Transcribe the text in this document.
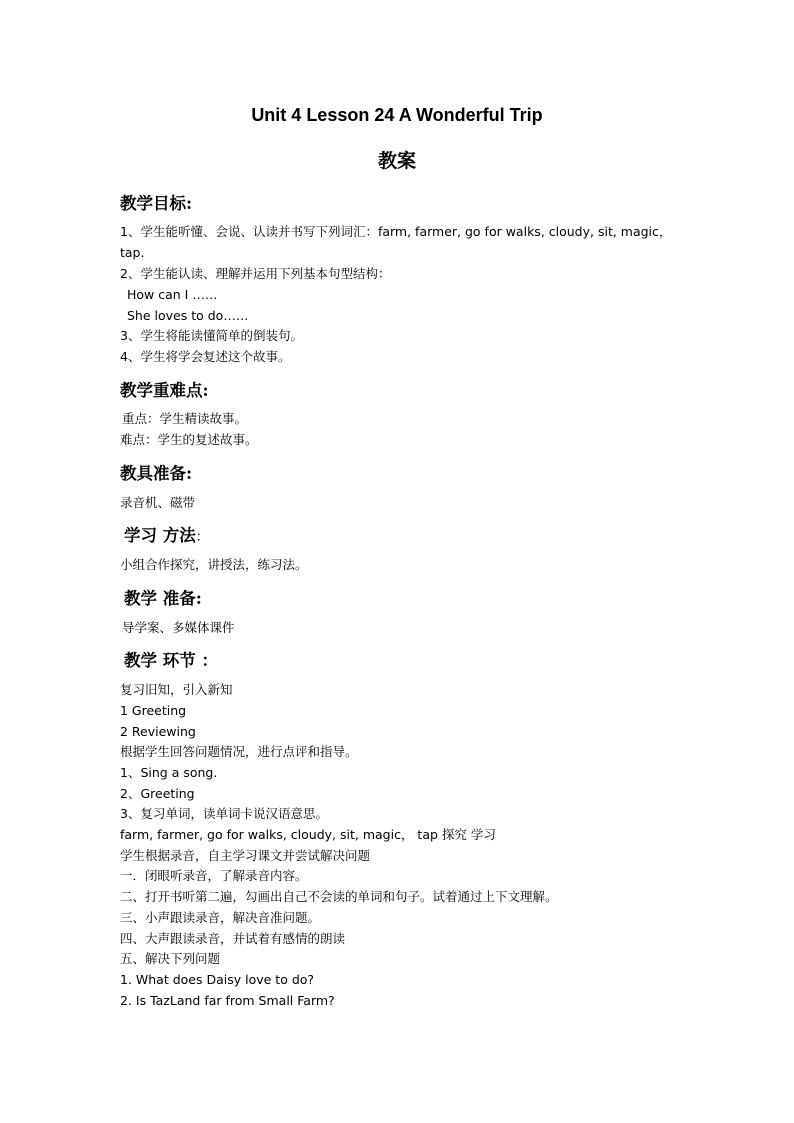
Unit 4 Lesson 24 A Wonderful Trip
教案
教学目标:
1、学生能听懂、会说、认读并书写下列词汇：farm, farmer, go for walks, cloudy, sit, magic，
tap.
2、学生能认读、理解并运用下列基本句型结构：
How can I ……
She loves to do……
3、学生将能读懂简单的倒装句。
4、学生将学会复述这个故事。
教学重难点:
重点：学生精读故事。
难点：学生的复述故事。
教具准备:
录音机、磁带
学习 方法：
小组合作探究，讲授法，练习法。
教学 准备:
导学案、多媒体课件
教学 环节 ：
复习旧知，引入新知
1 Greeting
2 Reviewing
根据学生回答问题情况，进行点评和指导。
1、Sing a song.
2、Greeting
3、复习单词，读单词卡说汉语意思。
farm, farmer, go for walks, cloudy, sit, magic， tap 探究 学习
学生根据录音，自主学习课文并尝试解决问题
一．闭眼听录音，了解录音内容。
二、打开书听第二遍，勾画出自己不会读的单词和句子。试着通过上下文理解。
三、小声跟读录音，解决音准问题。
四、大声跟读录音，并试着有感情的朗读
五、解决下列问题
1. What does Daisy love to do?
2. Is TazLand far from Small Farm?
